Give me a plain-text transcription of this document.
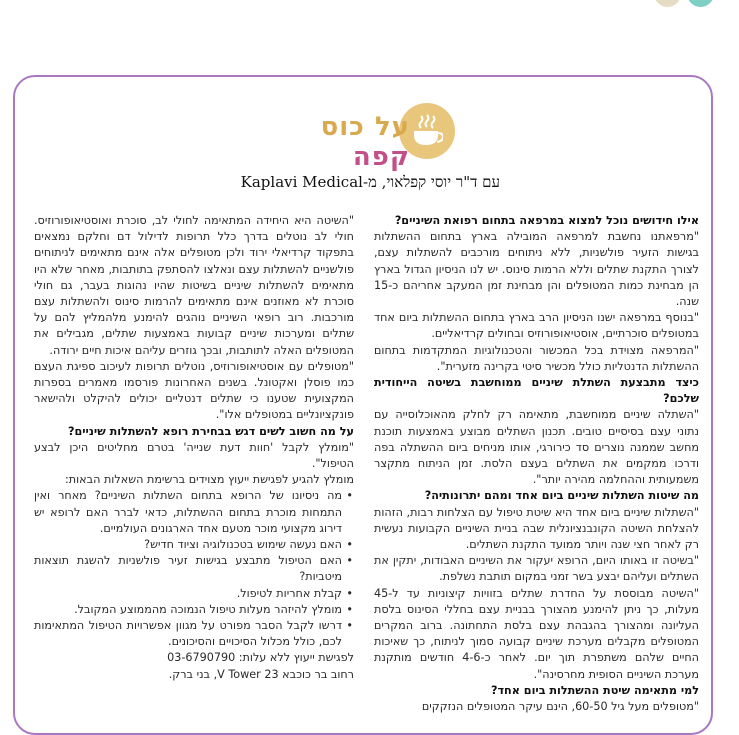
על כוס קפה
עם ד"ר יוסי קפלאוי, מ-Kaplavi Medical

אילו חידושים נוכל למצוא במרפאה בתחום רפואת השיניים?

"מרפאתנו נחשבת למרפאה המובילה בארץ בתחום ההשתלות בגישות הזעיר פולשניות, ללא ניתוחים מורכבים להשתלות עצם, לצורך התקנת שתלים וללא הרמות סינוס. יש לנו הניסיון הגדול בארץ הן מבחינת כמות המטופלים והן מבחינת זמן המעקב אחריהם כ-15 שנה.

"בנוסף במרפאה ישנו הניסיון הרב בארץ בתחום ההשתלות ביום אחד במטופלים סוכרתיים, אוסטיאופורוזיס ובחולים קרדיאליים.

"המרפאה מצוידת בכל המכשור והטכנולוגיות המתקדמות בתחום ההשתלות הדנטליות כולל מכשיר סיטי בקרינה מזערית".

כיצד מתבצעת השתלת שיניים ממוחשבת בשיטה הייחודית שלכם?

"השתלה שיניים ממוחשבת, מתאימה רק לחלק מהאוכלוסייה עם נתוני עצם בסיסיים טובים. תכנון השתלים מבוצע באמצעות תוכנת מחשב שממנה נוצרים סד כירורגי, אותו מניחים ביום ההשתלה בפה ודרכו ממקמים את השתלים בעצם הלסת. זמן הניתוח מתקצר משמעותית וההחלמה מהירה יותר".

מה שיטות השתלות שיניים ביום אחד ומהם יתרונותיה?

"השתלות שיניים ביום אחד היא שיטת טיפול עם הצלחות רבות, הזהות להצלחת השיטה הקונבנציונלית שבה בניית השיניים הקבועות נעשית רק לאחר חצי שנה ויותר ממועד התקנת השתלים.

"בשיטה זו באותו היום, הרופא יעקור את השיניים האבודות, יתקין את השתלים ועליהם יבצע בשר זמני במקום תותבת נשלפת.

"השיטה מבוססת על החדרת שתלים בזוויות קיצוניות עד ל-45 מעלות, כך ניתן להימנע מהצורך בבניית עצם בחללי הסינוס בלסת העליונה ומהצורך בהגבהת עצם בלסת התחתונה. ברוב המקרים המטופלים מקבלים מערכת שיניים קבועה סמוך לניתוח, כך שאיכות החיים שלהם משתפרת תוך יום. לאחר כ-4-6 חודשים מותקנת מערכת השיניים הסופית מחרסינה".

למי מתאימה שיטת ההשתלות ביום אחד?

"מטופלים מעל גיל 60-50, הינם עיקר המטופלים הנזקקים

"השיטה היא היחידה המתאימה לחולי לב, סוכרת ואוסטיאופורוזיס. חולי לב נוטלים בדרך כלל תרופות לדילול דם וחלקם נמצאים בתפקוד קרדיאלי ירוד ולכן מטופלים אלה אינם מתאימים לניתוחים פולשניים להשתלות עצם ונאלצו להסתפק בתותבות, מאחר שלא היו מתאימים להשתלות שיניים בשיטות שהיו נהוגות בעבר, גם חולי סוכרת לא מאוזנים אינם מתאימים להרמות סינוס ולהשתלות עצם מורכבות. רוב רופאי השיניים נוהגים להימנע מלהמליץ להם על שתלים ומערכות שיניים קבועות באמצעות שתלים, מגבילים את המטופלים האלה לתותבות, ובכך גוזרים עליהם איכות חיים ירודה.

"מטופלים עם אוסטיאופורוזיס, נוטלים תרופות לעיכוב ספיגת העצם כמו פוסלן ואקטונל. בשנים האחרונות פורסמו מאמרים בספרות המקצועית שטענו כי שתלים דנטליים יכולים להיקלט ולהישאר פונקציונליים במטופלים אלו".

על מה חשוב לשים דגש בבחירת רופא להשתלות שיניים?

"מומלץ לקבל 'חוות דעת שנייה' בטרם מחליטים היכן לבצע הטיפול".

מומלץ להגיע לפגישת ייעוץ מצוידים ברשימת השאלות הבאות:

• מה ניסיונו של הרופא בתחום השתלות השיניים? מאחר ואין התמחות מוכרת בתחום ההשתלות, כדאי לברר האם לרופא יש דירוג מקצועי מוכר מטעם אחד הארגונים העולמיים.
• האם נעשה שימוש בטכנולוגיה וציוד חדיש?
• האם הטיפול מתבצע בגישות זעיר פולשניות להשגת תוצאות מיטביות?
• קבלת אחריות לטיפול.
• מומלץ להיזהר מעלות טיפול הנמוכה מהממוצע המקובל.
• דרשו לקבל הסבר מפורט על מגוון אפשרויות הטיפול המתאימות לכם, כולל מכלול הסיכויים והסיכונים.

לפגישת ייעוץ ללא עלות: 03-6790790

רחוב בר כוכבא 23 V Tower, בני ברק.
